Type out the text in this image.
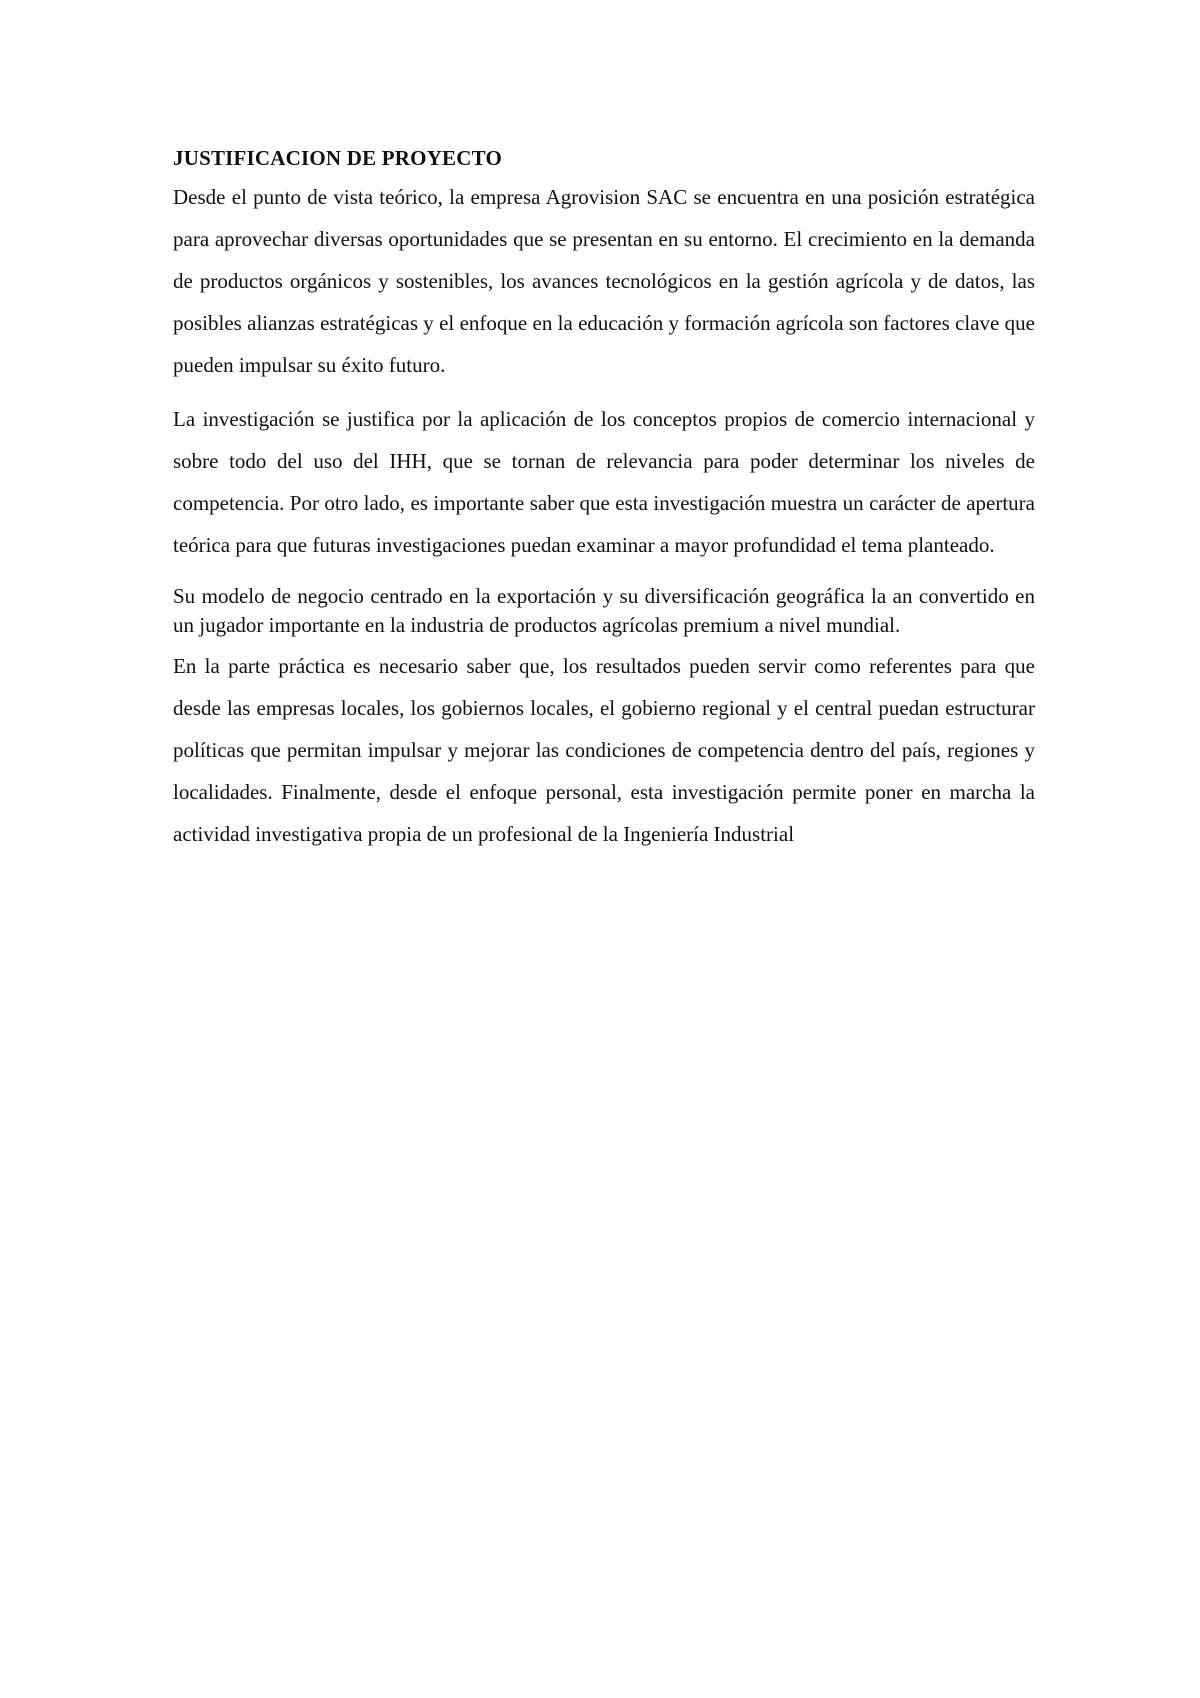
JUSTIFICACION DE PROYECTO

Desde el punto de vista teórico, la empresa Agrovision SAC se encuentra en una posición estratégica para aprovechar diversas oportunidades que se presentan en su entorno. El crecimiento en la demanda de productos orgánicos y sostenibles, los avances tecnológicos en la gestión agrícola y de datos, las posibles alianzas estratégicas y el enfoque en la educación y formación agrícola son factores clave que pueden impulsar su éxito futuro.

La investigación se justifica por la aplicación de los conceptos propios de comercio internacional y sobre todo del uso del IHH, que se tornan de relevancia para poder determinar los niveles de competencia. Por otro lado, es importante saber que esta investigación muestra un carácter de apertura teórica para que futuras investigaciones puedan examinar a mayor profundidad el tema planteado.

Su modelo de negocio centrado en la exportación y su diversificación geográfica la an convertido en un jugador importante en la industria de productos agrícolas premium a nivel mundial.

En la parte práctica es necesario saber que, los resultados pueden servir como referentes para que desde las empresas locales, los gobiernos locales, el gobierno regional y el central puedan estructurar políticas que permitan impulsar y mejorar las condiciones de competencia dentro del país, regiones y localidades. Finalmente, desde el enfoque personal, esta investigación permite poner en marcha la actividad investigativa propia de un profesional de la Ingeniería Industrial
